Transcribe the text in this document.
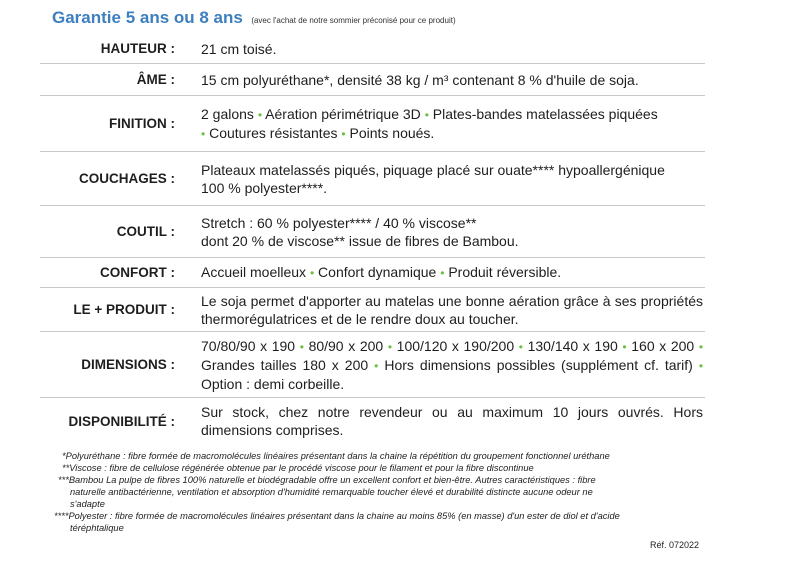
Garantie 5 ans ou 8 ans (avec l'achat de notre sommier préconisé pour ce produit)
HAUTEUR :	21 cm toisé.
ÂME :	15 cm polyuréthane*, densité 38 kg / m³ contenant 8 % d'huile de soja.
FINITION :
2 galons • Aération périmétrique 3D • Plates-bandes matelassées piquées
• Coutures résistantes • Points noués.
COUCHAGES :
Plateaux matelassés piqués, piquage placé sur ouate**** hypoallergénique
100 % polyester****.
COUTIL :
Stretch : 60 % polyester**** / 40 % viscose**
dont 20 % de viscose** issue de fibres de Bambou.
CONFORT :	Accueil moelleux • Confort dynamique • Produit réversible.
LE + PRODUIT :
Le soja permet d'apporter au matelas une bonne aération grâce à ses propriétés thermorégulatrices et de le rendre doux au toucher.
DIMENSIONS :
70/80/90 x 190 • 80/90 x 200 • 100/120 x 190/200 • 130/140 x 190 • 160 x 200 • Grandes tailles 180 x 200 • Hors dimensions possibles (supplément cf. tarif) • Option : demi corbeille.
DISPONIBILITÉ :
Sur stock, chez notre revendeur ou au maximum 10 jours ouvrés. Hors dimensions comprises.

*Polyuréthane : fibre formée de macromolécules linéaires présentant dans la chaine la répétition du groupement fonctionnel uréthane

**Viscose : fibre de cellulose régénérée obtenue par le procédé viscose pour le filament et pour la fibre discontinue

***Bambou La pulpe de fibres 100% naturelle et biodégradable offre un excellent confort et bien-être. Autres caractéristiques : fibre

naturelle antibactérienne, ventilation et absorption d'humidité remarquable toucher élevé et durabilité distincte aucune odeur ne

s'adapte

****Polyester : fibre formée de macromolécules linéaires présentant dans la chaine au moins 85% (en masse) d'un ester de diol et d'acide

téréphtalique

Réf. 072022
